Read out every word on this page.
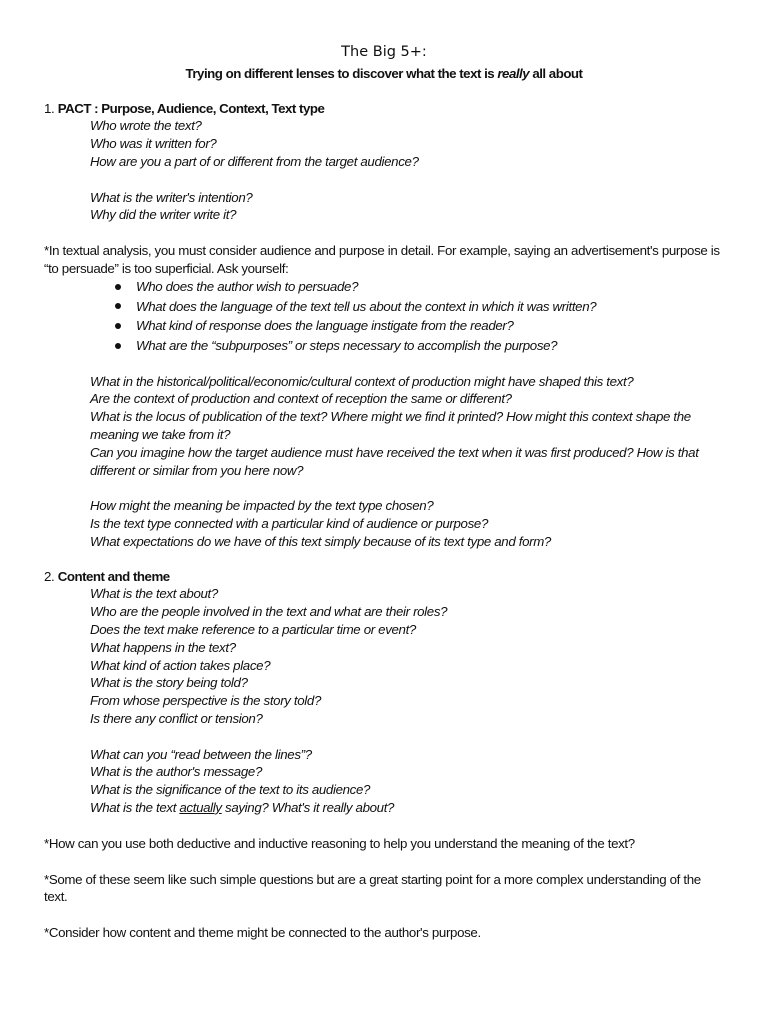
The Big 5+:
Trying on different lenses to discover what the text is really all about
1. PACT : Purpose, Audience, Context, Text type
Who wrote the text?
Who was it written for?
How are you a part of or different from the target audience?
What is the writer's intention?
Why did the writer write it?

*In textual analysis, you must consider audience and purpose in detail. For example, saying an advertisement's purpose is “to persuade” is too superficial. Ask yourself:

Who does the author wish to persuade?
What does the language of the text tell us about the context in which it was written?
What kind of response does the language instigate from the reader?
What are the “subpurposes” or steps necessary to accomplish the purpose?
What in the historical/political/economic/cultural context of production might have shaped this text?
Are the context of production and context of reception the same or different?
What is the locus of publication of the text? Where might we find it printed? How might this context shape the meaning we take from it?
Can you imagine how the target audience must have received the text when it was first produced? How is that different or similar from you here now?
How might the meaning be impacted by the text type chosen?
Is the text type connected with a particular kind of audience or purpose?
What expectations do we have of this text simply because of its text type and form?
2. Content and theme
What is the text about?
Who are the people involved in the text and what are their roles?
Does the text make reference to a particular time or event?
What happens in the text?
What kind of action takes place?
What is the story being told?
From whose perspective is the story told?
Is there any conflict or tension?
What can you “read between the lines”?
What is the author's message?
What is the significance of the text to its audience?
What is the text actually saying? What's it really about?

*How can you use both deductive and inductive reasoning to help you understand the meaning of the text?

*Some of these seem like such simple questions but are a great starting point for a more complex understanding of the text.

*Consider how content and theme might be connected to the author's purpose.
